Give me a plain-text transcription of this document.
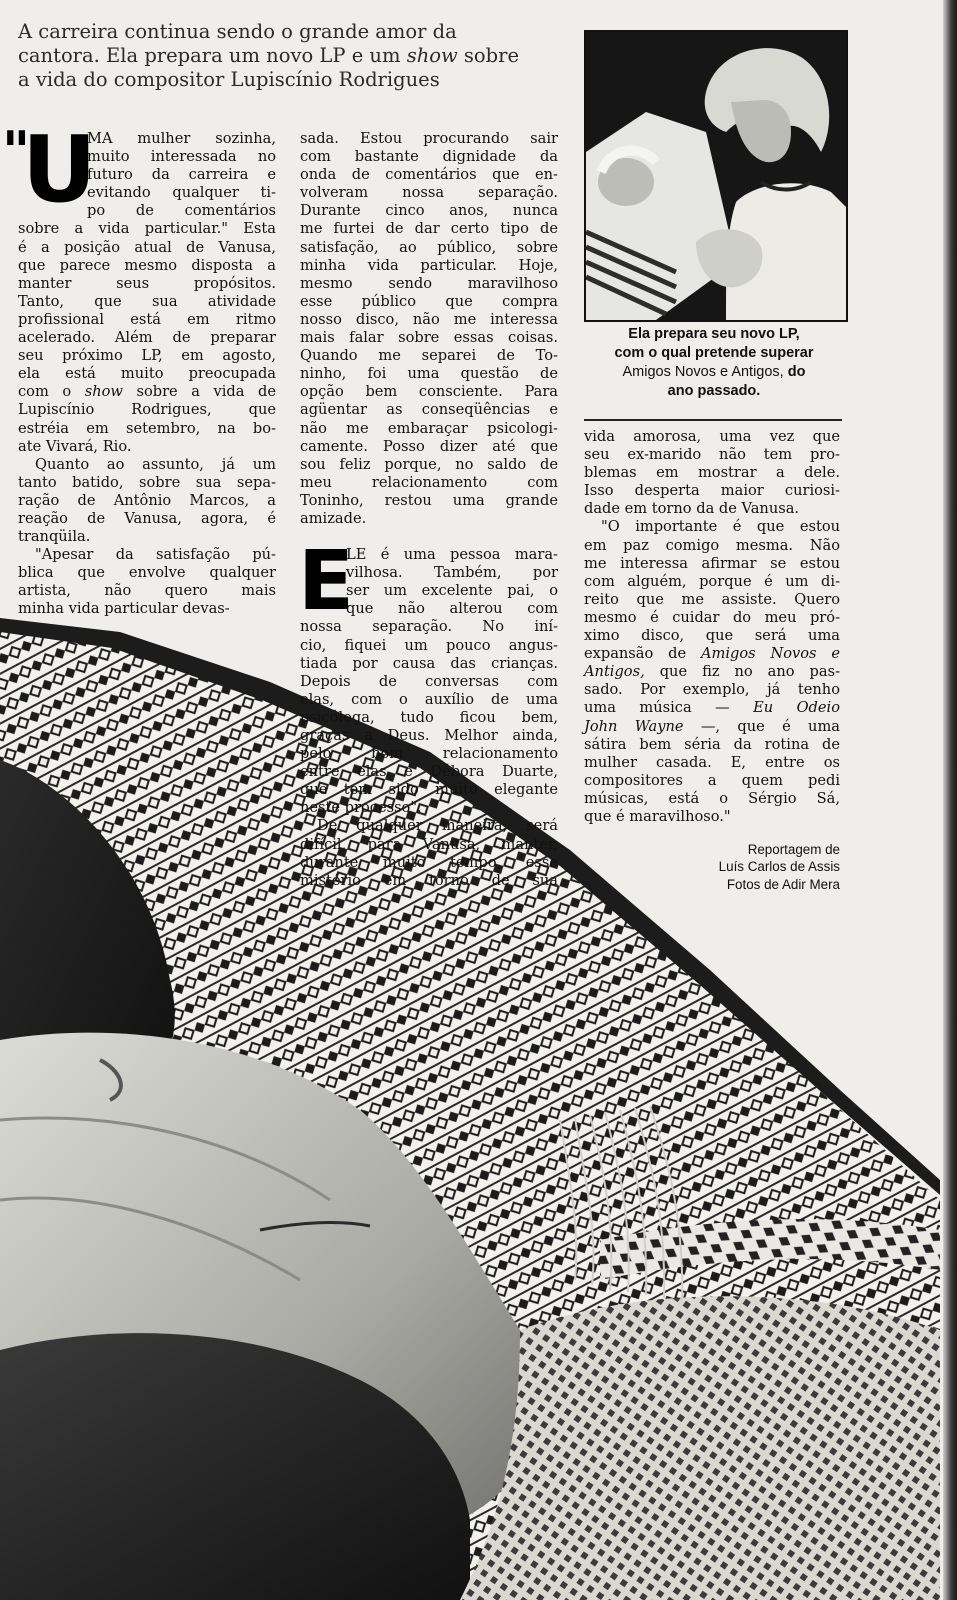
A carreira continua sendo o grande amor da
cantora. Ela prepara um novo LP e um show sobre
a vida do compositor Lupiscínio Rodrigues
Ela prepara seu novo LP,
com o qual pretende superar
Amigos Novos e Antigos, do
ano passado.
"
U
MA mulher sozinha,
muito interessada no
futuro da carreira e
evitando qualquer ti-
po de comentários
sobre a vida particular." Esta
é a posição atual de Vanusa,
que parece mesmo disposta a
manter seus propósitos.
Tanto, que sua atividade
profissional está em ritmo
acelerado. Além de preparar
seu próximo LP, em agosto,
ela está muito preocupada
com o show sobre a vida de
Lupiscínio Rodrigues, que
estréia em setembro, na bo-
ate Vivará, Rio.
Quanto ao assunto, já um
tanto batido, sobre sua sepa-
ração de Antônio Marcos, a
reação de Vanusa, agora, é
tranqüila.
"Apesar da satisfação pú-
blica que envolve qualquer
artista, não quero mais
minha vida particular devas-
sada. Estou procurando sair
com bastante dignidade da
onda de comentários que en-
volveram nossa separação.
Durante cinco anos, nunca
me furtei de dar certo tipo de
satisfação, ao público, sobre
minha vida particular. Hoje,
mesmo sendo maravilhoso
esse público que compra
nosso disco, não me interessa
mais falar sobre essas coisas.
Quando me separei de To-
ninho, foi uma questão de
opção bem consciente. Para
agüentar as conseqüências e
não me embaraçar psicologi-
camente. Posso dizer até que
sou feliz porque, no saldo de
meu relacionamento com
Toninho, restou uma grande
amizade.
LE é uma pessoa mara-
vilhosa. Também, por
ser um excelente pai, o
que não alterou com
nossa separação. No iní-
cio, fiquei um pouco angus-
tiada por causa das crianças.
Depois de conversas com
elas, com o auxílio de uma
psicóloga, tudo ficou bem,
graças a Deus. Melhor ainda,
pelo bom relacionamento
entre elas e Débora Duarte,
que tem sido muito elegante
neste processo".
De qualquer maneira, será
difícil, para Vanusa, manter,
durante muito tempo, esse
mistério em torno de sua
E
vida amorosa, uma vez que
seu ex-marido não tem pro-
blemas em mostrar a dele.
Isso desperta maior curiosi-
dade em torno da de Vanusa.
"O importante é que estou
em paz comigo mesma. Não
me interessa afirmar se estou
com alguém, porque é um di-
reito que me assiste. Quero
mesmo é cuidar do meu pró-
ximo disco, que será uma
expansão de Amigos Novos e
Antigos, que fiz no ano pas-
sado. Por exemplo, já tenho
uma música — Eu Odeio
John Wayne —, que é uma
sátira bem séria da rotina de
mulher casada. E, entre os
compositores a quem pedi
músicas, está o Sérgio Sá,
que é maravilhoso."
Reportagem de
Luís Carlos de Assis
Fotos de Adir Mera
